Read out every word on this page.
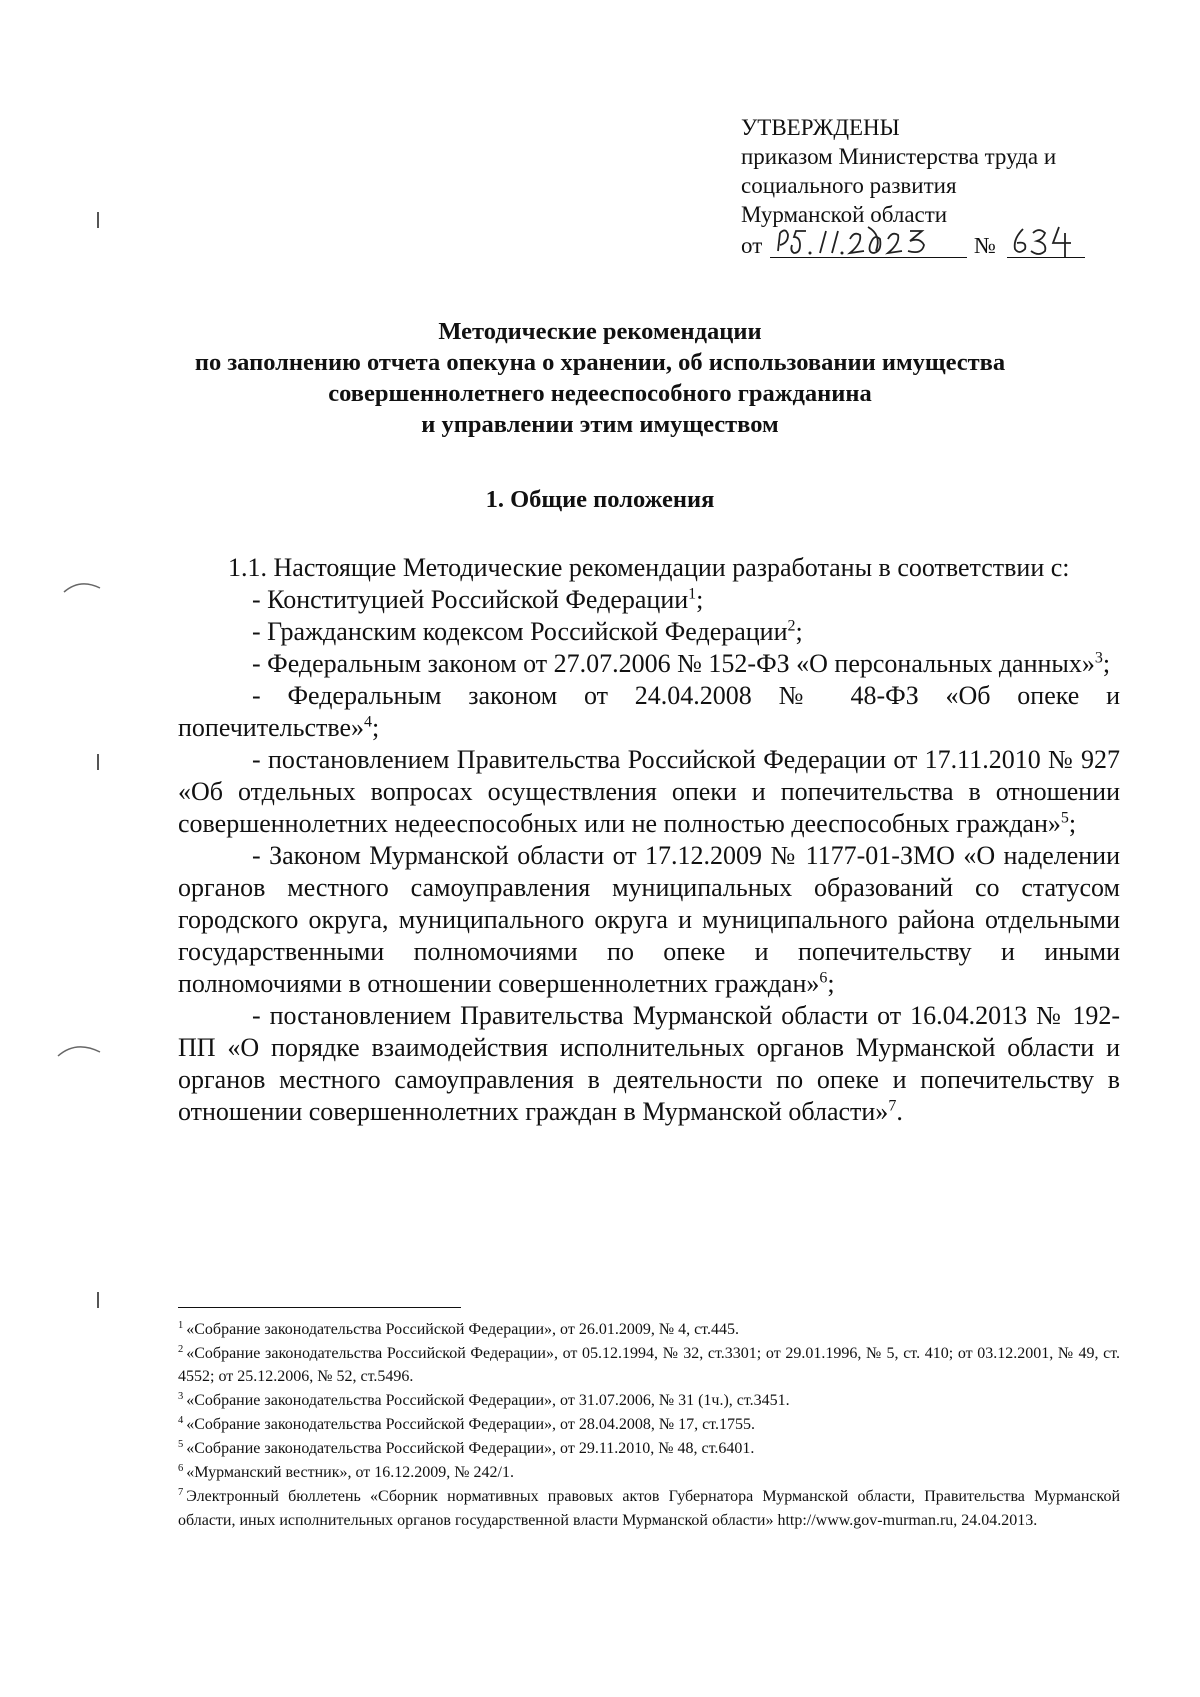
УТВЕРЖДЕНЫ
приказом Министерства труда и
социального развития
Мурманской области
от	№
Методические рекомендации
по заполнению отчета опекуна о хранении, об использовании имущества
совершеннолетнего недееспособного гражданина
и управлении этим имуществом
1. Общие положения

1.1. Настоящие Методические рекомендации разработаны в соответствии с:

- Конституцией Российской Федерации$^1$;

- Гражданским кодексом Российской Федерации$^2$;

- Федеральным законом от 27.07.2006 № 152-ФЗ «О персональных данных»$^3$;

- Федеральным законом от 24.04.2008 № 48-ФЗ «Об опеке и попечительстве»$^4$;

- постановлением Правительства Российской Федерации от 17.11.2010 № 927 «Об отдельных вопросах осуществления опеки и попечительства в отношении совершеннолетних недееспособных или не полностью дееспособных граждан»$^5$;

- Законом Мурманской области от 17.12.2009 № 1177-01-ЗМО «О наделении органов местного самоуправления муниципальных образований со статусом городского округа, муниципального округа и муниципального района отдельными государственными полномочиями по опеке и попечительству и иными полномочиями в отношении совершеннолетних граждан»$^6$;

- постановлением Правительства Мурманской области от 16.04.2013 № 192-ПП «О порядке взаимодействия исполнительных органов Мурманской области и органов местного самоуправления в деятельности по опеке и попечительству в отношении совершеннолетних граждан в Мурманской области»$^7$.

$^1$ «Собрание законодательства Российской Федерации», от 26.01.2009, № 4, ст.445.
$^2$ «Собрание законодательства Российской Федерации», от 05.12.1994, № 32, ст.3301; от 29.01.1996, № 5, ст. 410; от 03.12.2001, № 49, ст. 4552; от 25.12.2006, № 52, ст.5496.
$^3$ «Собрание законодательства Российской Федерации», от 31.07.2006, № 31 (1ч.), ст.3451.
$^4$ «Собрание законодательства Российской Федерации», от 28.04.2008, № 17, ст.1755.
$^5$ «Собрание законодательства Российской Федерации», от 29.11.2010, № 48, ст.6401.
$^6$ «Мурманский вестник», от 16.12.2009, № 242/1.
$^7$ Электронный бюллетень «Сборник нормативных правовых актов Губернатора Мурманской области, Правительства Мурманской области, иных исполнительных органов государственной власти Мурманской области» http://www.gov-murman.ru, 24.04.2013.
